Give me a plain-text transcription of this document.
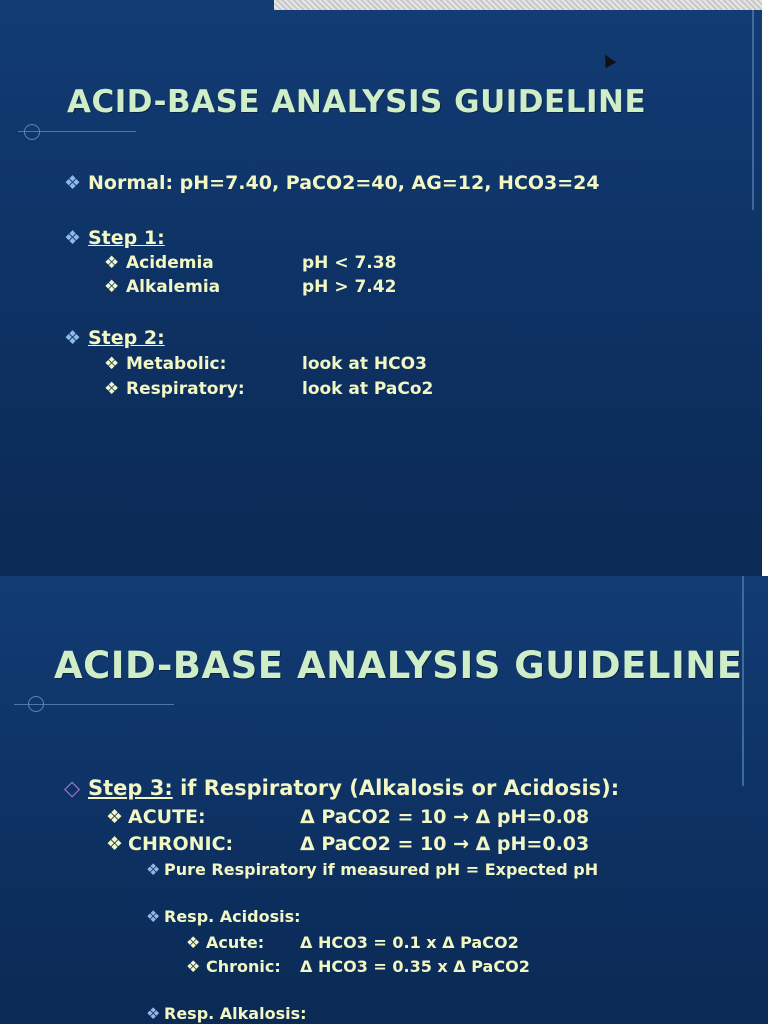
ACID-BASE ANALYSIS GUIDELINE
❖ Normal: pH=7.40, PaCO2=40, AG=12, HCO3=24
❖ Step 1:
❖ Acidemia	pH < 7.38
❖ Alkalemia	pH > 7.42
❖ Step 2:
❖ Metabolic:	look at HCO3
❖ Respiratory:	look at PaCo2
ACID-BASE ANALYSIS GUIDELINE
◇ Step 3: if Respiratory (Alkalosis or Acidosis):
❖ ACUTE:	Δ PaCO2 = 10 → Δ pH=0.08
❖ CHRONIC:	Δ PaCO2 = 10 → Δ pH=0.03
❖ Pure Respiratory if measured pH = Expected pH
❖ Resp. Acidosis:
❖ Acute: Δ HCO3 = 0.1 x Δ PaCO2
❖ Chronic: Δ HCO3 = 0.35 x Δ PaCO2
❖ Resp. Alkalosis:
